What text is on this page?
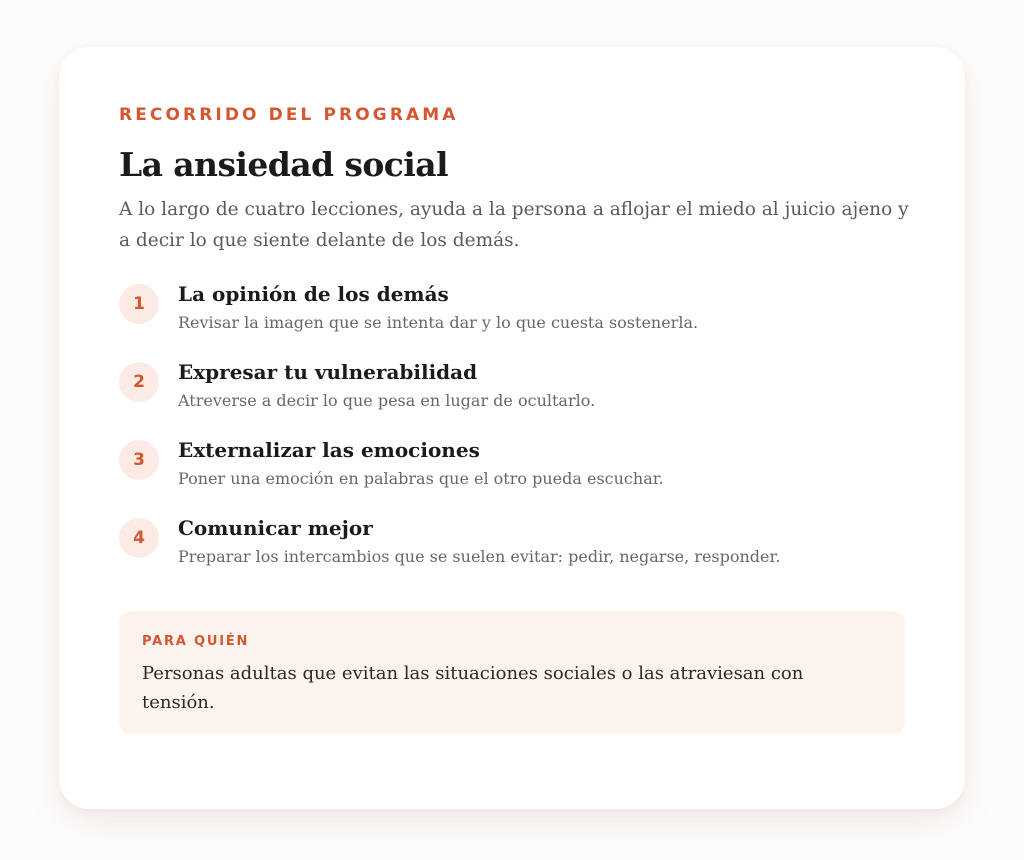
RECORRIDO DEL PROGRAMA
La ansiedad social
A lo largo de cuatro lecciones, ayuda a la persona a aflojar el miedo al juicio ajeno y a decir lo que siente delante de los demás.
1	La opinión de los demás
Revisar la imagen que se intenta dar y lo que cuesta sostenerla.
2	Expresar tu vulnerabilidad
Atreverse a decir lo que pesa en lugar de ocultarlo.
3	Externalizar las emociones
Poner una emoción en palabras que el otro pueda escuchar.
4	Comunicar mejor
Preparar los intercambios que se suelen evitar: pedir, negarse, responder.
PARA QUIÉN
Personas adultas que evitan las situaciones sociales o las atraviesan con tensión.
